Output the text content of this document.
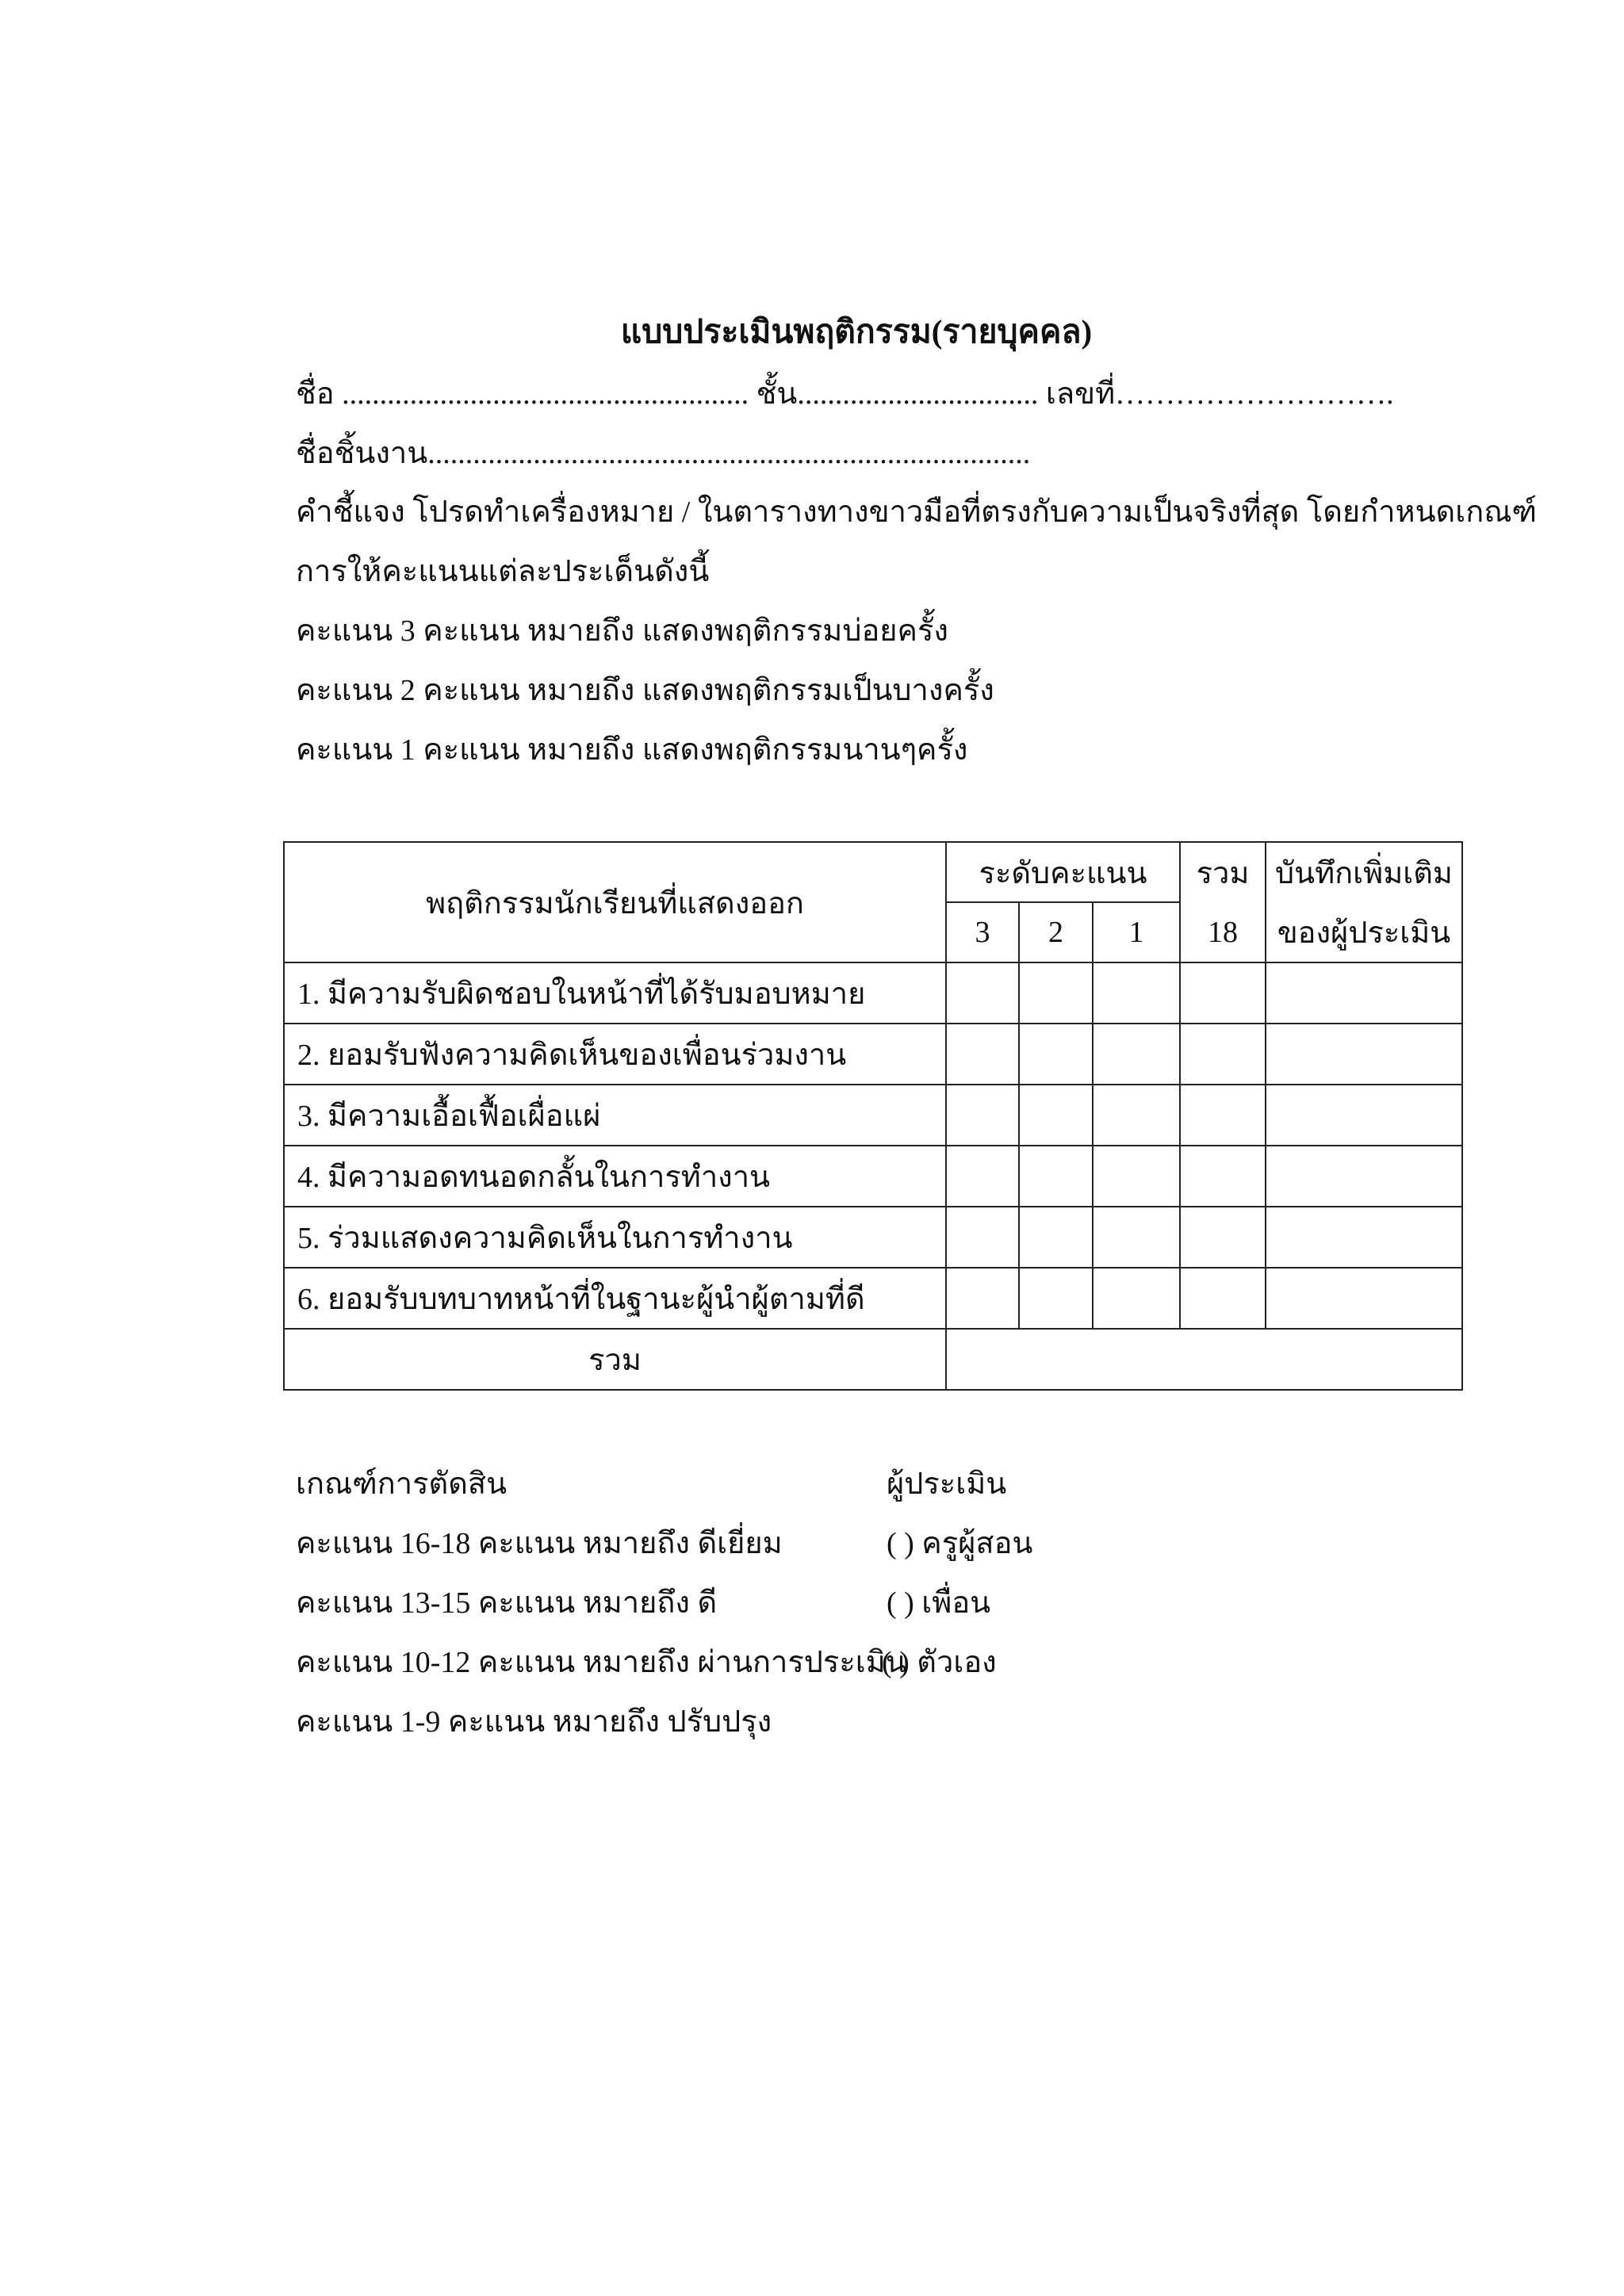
แบบประเมินพฤติกรรม(รายบุคคล)
ชื่อ ...................................................... ชั้น................................ เลขที่……………………….
ชื่อชิ้นงาน................................................................................
คำชี้แจง โปรดทำเครื่องหมาย / ในตารางทางขาวมือที่ตรงกับความเป็นจริงที่สุด โดยกำหนดเกณฑ์
การให้คะแนนแต่ละประเด็นดังนี้
คะแนน 3 คะแนน หมายถึง แสดงพฤติกรรมบ่อยครั้ง
คะแนน 2 คะแนน หมายถึง แสดงพฤติกรรมเป็นบางครั้ง
คะแนน 1 คะแนน หมายถึง แสดงพฤติกรรมนานๆครั้ง
พฤติกรรมนักเรียนที่แสดงออก	ระดับคะแนน			รวม	บันทึกเพิ่มเติม
	3	2	1	18	ของผู้ประเมิน
1. มีความรับผิดชอบในหน้าที่ได้รับมอบหมาย					
2. ยอมรับฟังความคิดเห็นของเพื่อนร่วมงาน					
3. มีความเอื้อเฟื้อเผื่อแผ่					
4. มีความอดทนอดกลั้นในการทำงาน					
5. ร่วมแสดงความคิดเห็นในการทำงาน					
6. ยอมรับบทบาทหน้าที่ในฐานะผู้นำผู้ตามที่ดี					
รวม					
เกณฑ์การตัดสิน
คะแนน 16-18 คะแนน หมายถึง ดีเยี่ยม
คะแนน 13-15 คะแนน หมายถึง ดี
คะแนน 10-12 คะแนน หมายถึง ผ่านการประเมิน
คะแนน 1-9 คะแนน หมายถึง ปรับปรุง
ผู้ประเมิน
( ) ครูผู้สอน
( ) เพื่อน
( ) ตัวเอง
